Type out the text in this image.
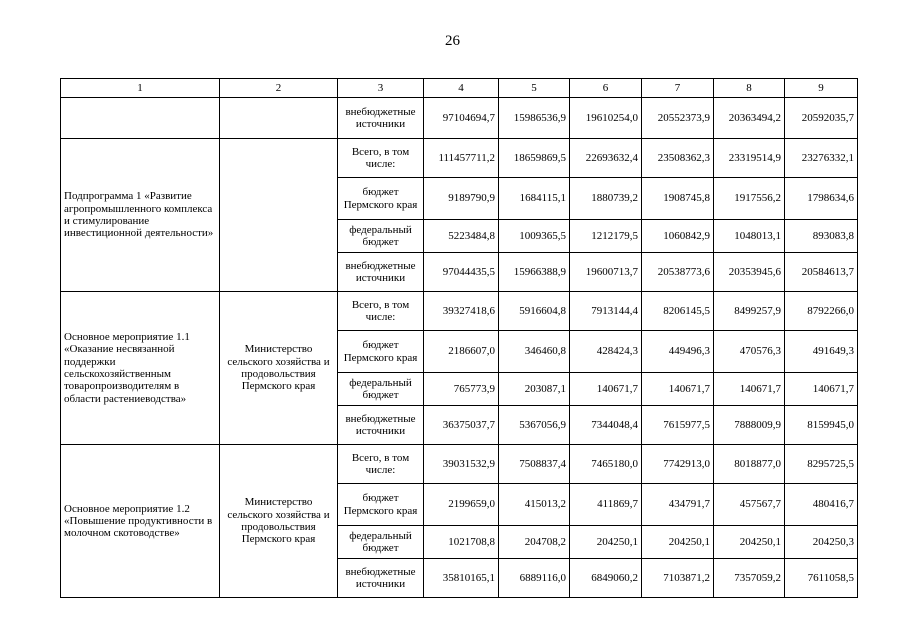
26
1	2	3	4	5	6	7	8	9
		внебюджетные источники	97104694,7	15986536,9	19610254,0	20552373,9	20363494,2	20592035,7
Подпрограмма 1 «Развитие агропромышленного комплекса и стимулирование инвестиционной деятельности»		Всего, в том числе:	111457711,2	18659869,5	22693632,4	23508362,3	23319514,9	23276332,1
		бюджет Пермского края	9189790,9	1684115,1	1880739,2	1908745,8	1917556,2	1798634,6
		федеральный бюджет	5223484,8	1009365,5	1212179,5	1060842,9	1048013,1	893083,8
		внебюджетные источники	97044435,5	15966388,9	19600713,7	20538773,6	20353945,6	20584613,7
Основное мероприятие 1.1 «Оказание несвязанной поддержки сельскохозяйственным товаропроизводителям в области растениеводства»	Министерство сельского хозяйства и продовольствия Пермского края	Всего, в том числе:	39327418,6	5916604,8	7913144,4	8206145,5	8499257,9	8792266,0
		бюджет Пермского края	2186607,0	346460,8	428424,3	449496,3	470576,3	491649,3
		федеральный бюджет	765773,9	203087,1	140671,7	140671,7	140671,7	140671,7
		внебюджетные источники	36375037,7	5367056,9	7344048,4	7615977,5	7888009,9	8159945,0
Основное мероприятие 1.2 «Повышение продуктивности в молочном скотоводстве»	Министерство сельского хозяйства и продовольствия Пермского края	Всего, в том числе:	39031532,9	7508837,4	7465180,0	7742913,0	8018877,0	8295725,5
		бюджет Пермского края	2199659,0	415013,2	411869,7	434791,7	457567,7	480416,7
		федеральный бюджет	1021708,8	204708,2	204250,1	204250,1	204250,1	204250,3
		внебюджетные источники	35810165,1	6889116,0	6849060,2	7103871,2	7357059,2	7611058,5
